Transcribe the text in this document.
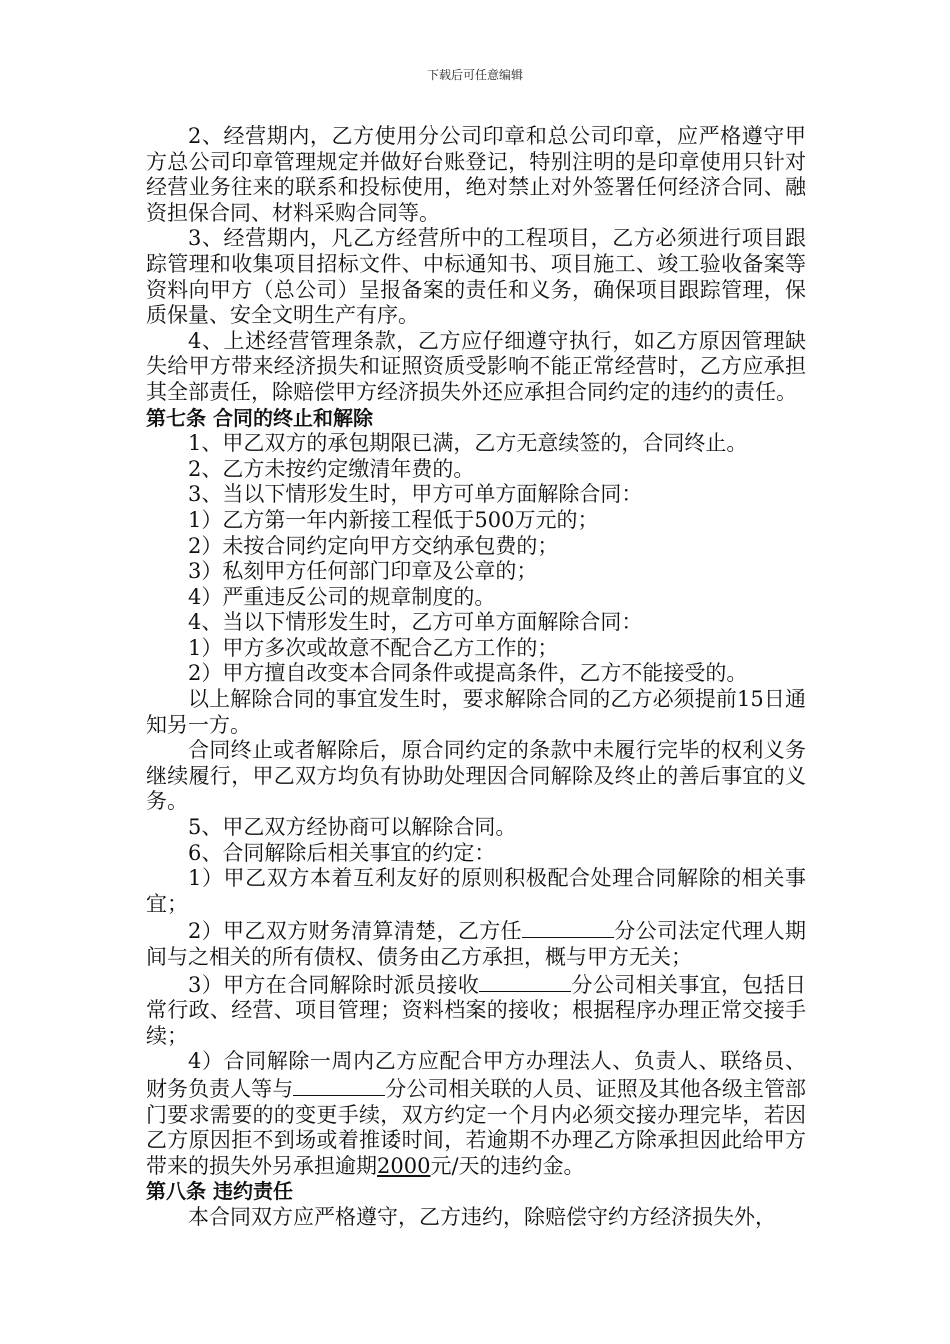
下载后可任意编辑

2、经营期内，乙方使用分公司印章和总公司印章，应严格遵守甲方总公司印章管理规定并做好台账登记，特别注明的是印章使用只针对经营业务往来的联系和投标使用，绝对禁止对外签署任何经济合同、融资担保合同、材料采购合同等。

3、经营期内，凡乙方经营所中的工程项目，乙方必须进行项目跟踪管理和收集项目招标文件、中标通知书、项目施工、竣工验收备案等资料向甲方（总公司）呈报备案的责任和义务，确保项目跟踪管理，保质保量、安全文明生产有序。

4、上述经营管理条款，乙方应仔细遵守执行，如乙方原因管理缺失给甲方带来经济损失和证照资质受影响不能正常经营时，乙方应承担其全部责任，除赔偿甲方经济损失外还应承担合同约定的违约的责任。

第七条 合同的终止和解除

1、甲乙双方的承包期限已满，乙方无意续签的，合同终止。

2、乙方未按约定缴清年费的。

3、当以下情形发生时，甲方可单方面解除合同：

1）乙方第一年内新接工程低于500万元的；

2）未按合同约定向甲方交纳承包费的；

3）私刻甲方任何部门印章及公章的；

4）严重违反公司的规章制度的。

4、当以下情形发生时，乙方可单方面解除合同：

1）甲方多次或故意不配合乙方工作的；

2）甲方擅自改变本合同条件或提高条件，乙方不能接受的。

以上解除合同的事宜发生时，要求解除合同的乙方必须提前15日通知另一方。

合同终止或者解除后，原合同约定的条款中未履行完毕的权利义务继续履行，甲乙双方均负有协助处理因合同解除及终止的善后事宜的义务。

5、甲乙双方经协商可以解除合同。

6、合同解除后相关事宜的约定：

1）甲乙双方本着互利友好的原则积极配合处理合同解除的相关事宜；

2）甲乙双方财务清算清楚，乙方任	分公司法定代理人期间与之相关的所有债权、债务由乙方承担，概与甲方无关；

3）甲方在合同解除时派员接收	分公司相关事宜，包括日常行政、经营、项目管理；资料档案的接收；根据程序办理正常交接手续；

4）合同解除一周内乙方应配合甲方办理法人、负责人、联络员、财务负责人等与	分公司相关联的人员、证照及其他各级主管部门要求需要的的变更手续，双方约定一个月内必须交接办理完毕，若因乙方原因拒不到场或着推诿时间，若逾期不办理乙方除承担因此给甲方带来的损失外另承担逾期2000元/天的违约金。

第八条 违约责任

本合同双方应严格遵守，乙方违约，除赔偿守约方经济损失外，
